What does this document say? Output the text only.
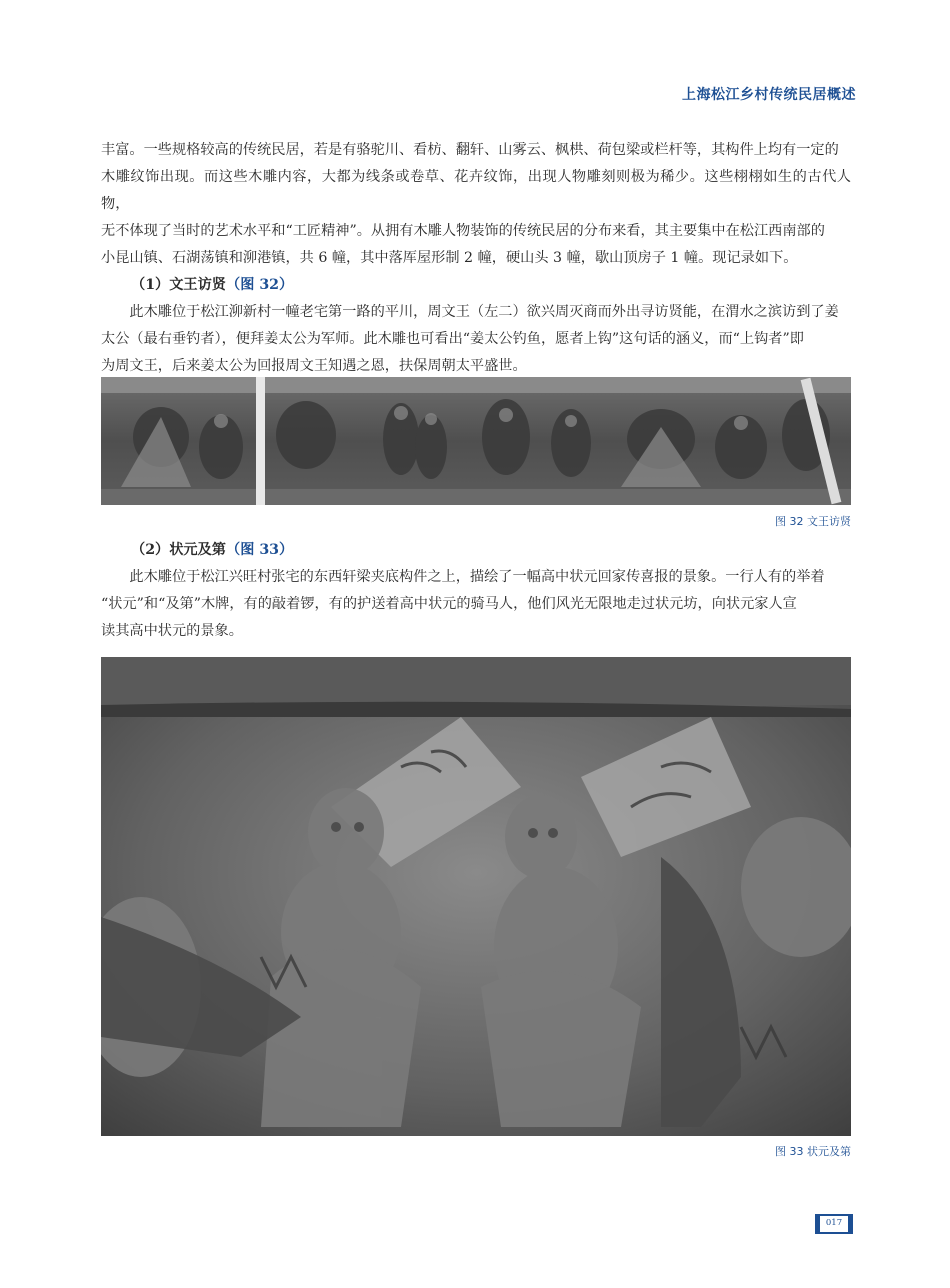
上海松江乡村传统民居概述

丰富。一些规格较高的传统民居，若是有骆驼川、看枋、翻轩、山雾云、枫栱、荷包梁或栏杆等，其构件上均有一定的

木雕纹饰出现。而这些木雕内容，大都为线条或卷草、花卉纹饰，出现人物雕刻则极为稀少。这些栩栩如生的古代人物，

无不体现了当时的艺术水平和“工匠精神”。从拥有木雕人物装饰的传统民居的分布来看，其主要集中在松江西南部的

小昆山镇、石湖荡镇和泖港镇，共 6 幢，其中落厍屋形制 2 幢，硬山头 3 幢，歇山顶房子 1 幢。现记录如下。

（1）文王访贤（图 32）

此木雕位于松江泖新村一幢老宅第一路的平川，周文王（左二）欲兴周灭商而外出寻访贤能，在渭水之滨访到了姜

太公（最右垂钓者），便拜姜太公为军师。此木雕也可看出“姜太公钓鱼，愿者上钩”这句话的涵义，而“上钩者”即

为周文王，后来姜太公为回报周文王知遇之恩，扶保周朝太平盛世。

图 32 文王访贤

（2）状元及第（图 33）

此木雕位于松江兴旺村张宅的东西轩梁夹底构件之上，描绘了一幅高中状元回家传喜报的景象。一行人有的举着

“状元”和“及第”木牌，有的敲着锣，有的护送着高中状元的骑马人，他们风光无限地走过状元坊，向状元家人宣

读其高中状元的景象。

图 33 状元及第
017
